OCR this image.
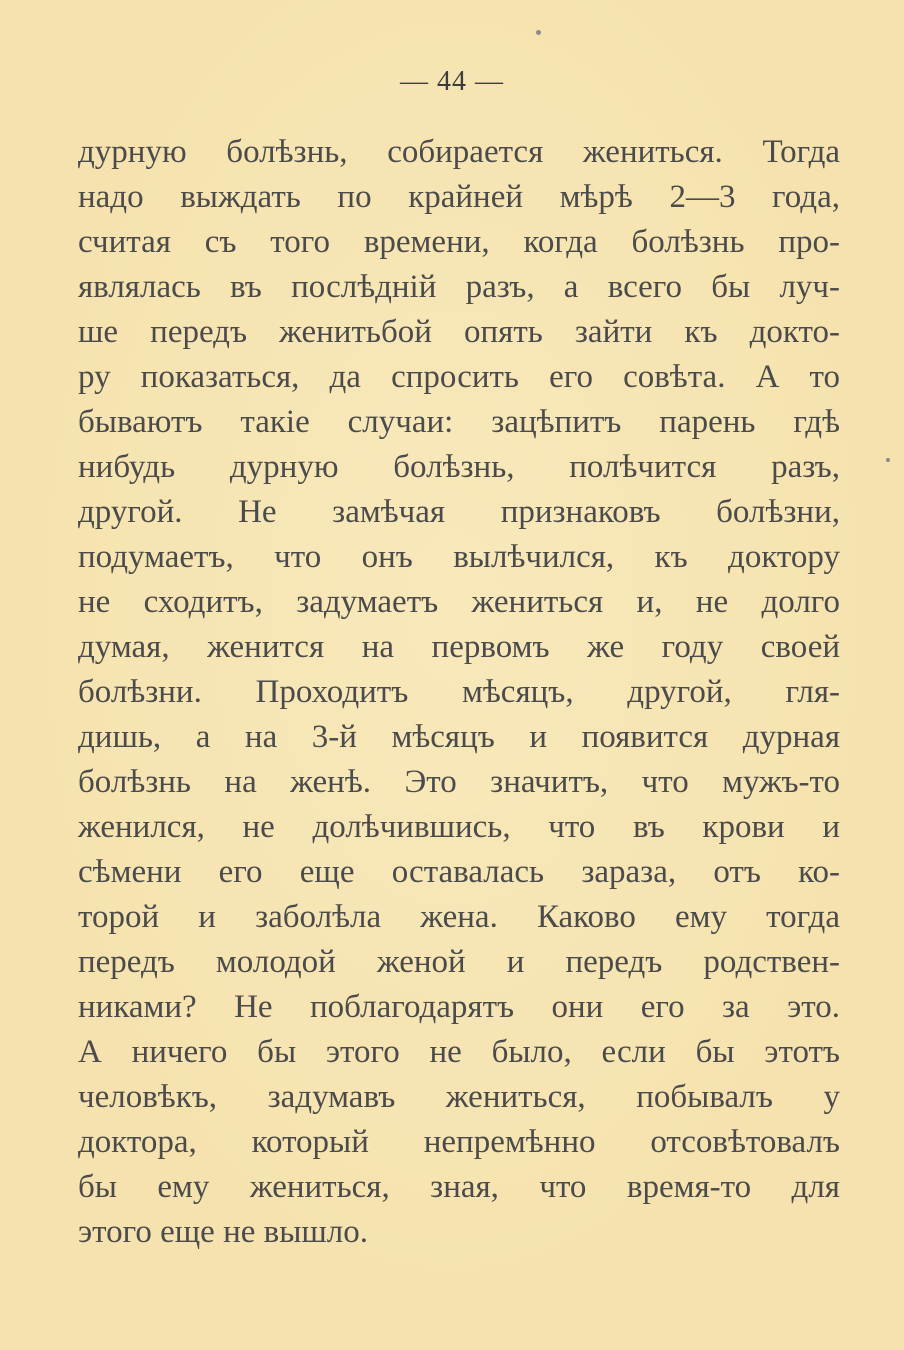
— 44 —
дурную болѣзнь, собирается жениться. Тогда
надо выждать по крайней мѣрѣ 2—3 года,
считая съ того времени, когда болѣзнь про-
являлась въ послѣдній разъ, а всего бы луч-
ше передъ женитьбой опять зайти къ докто-
ру показаться, да спросить его совѣта. А то
бываютъ такіе случаи: зацѣпитъ парень гдѣ
нибудь дурную болѣзнь, полѣчится разъ,
другой. Не замѣчая признаковъ болѣзни,
подумаетъ, что онъ вылѣчился, къ доктору
не сходитъ, задумаетъ жениться и, не долго
думая, женится на первомъ же году своей
болѣзни. Проходитъ мѣсяцъ, другой, гля-
дишь, а на 3-й мѣсяцъ и появится дурная
болѣзнь на женѣ. Это значитъ, что мужъ-то
женился, не долѣчившись, что въ крови и
сѣмени его еще оставалась зараза, отъ ко-
торой и заболѣла жена. Каково ему тогда
передъ молодой женой и передъ родствен-
никами? Не поблагодарятъ они его за это.
А ничего бы этого не было, если бы этотъ
человѣкъ, задумавъ жениться, побывалъ у
доктора, который непремѣнно отсовѣтовалъ
бы ему жениться, зная, что время-то для
этого еще не вышло.
